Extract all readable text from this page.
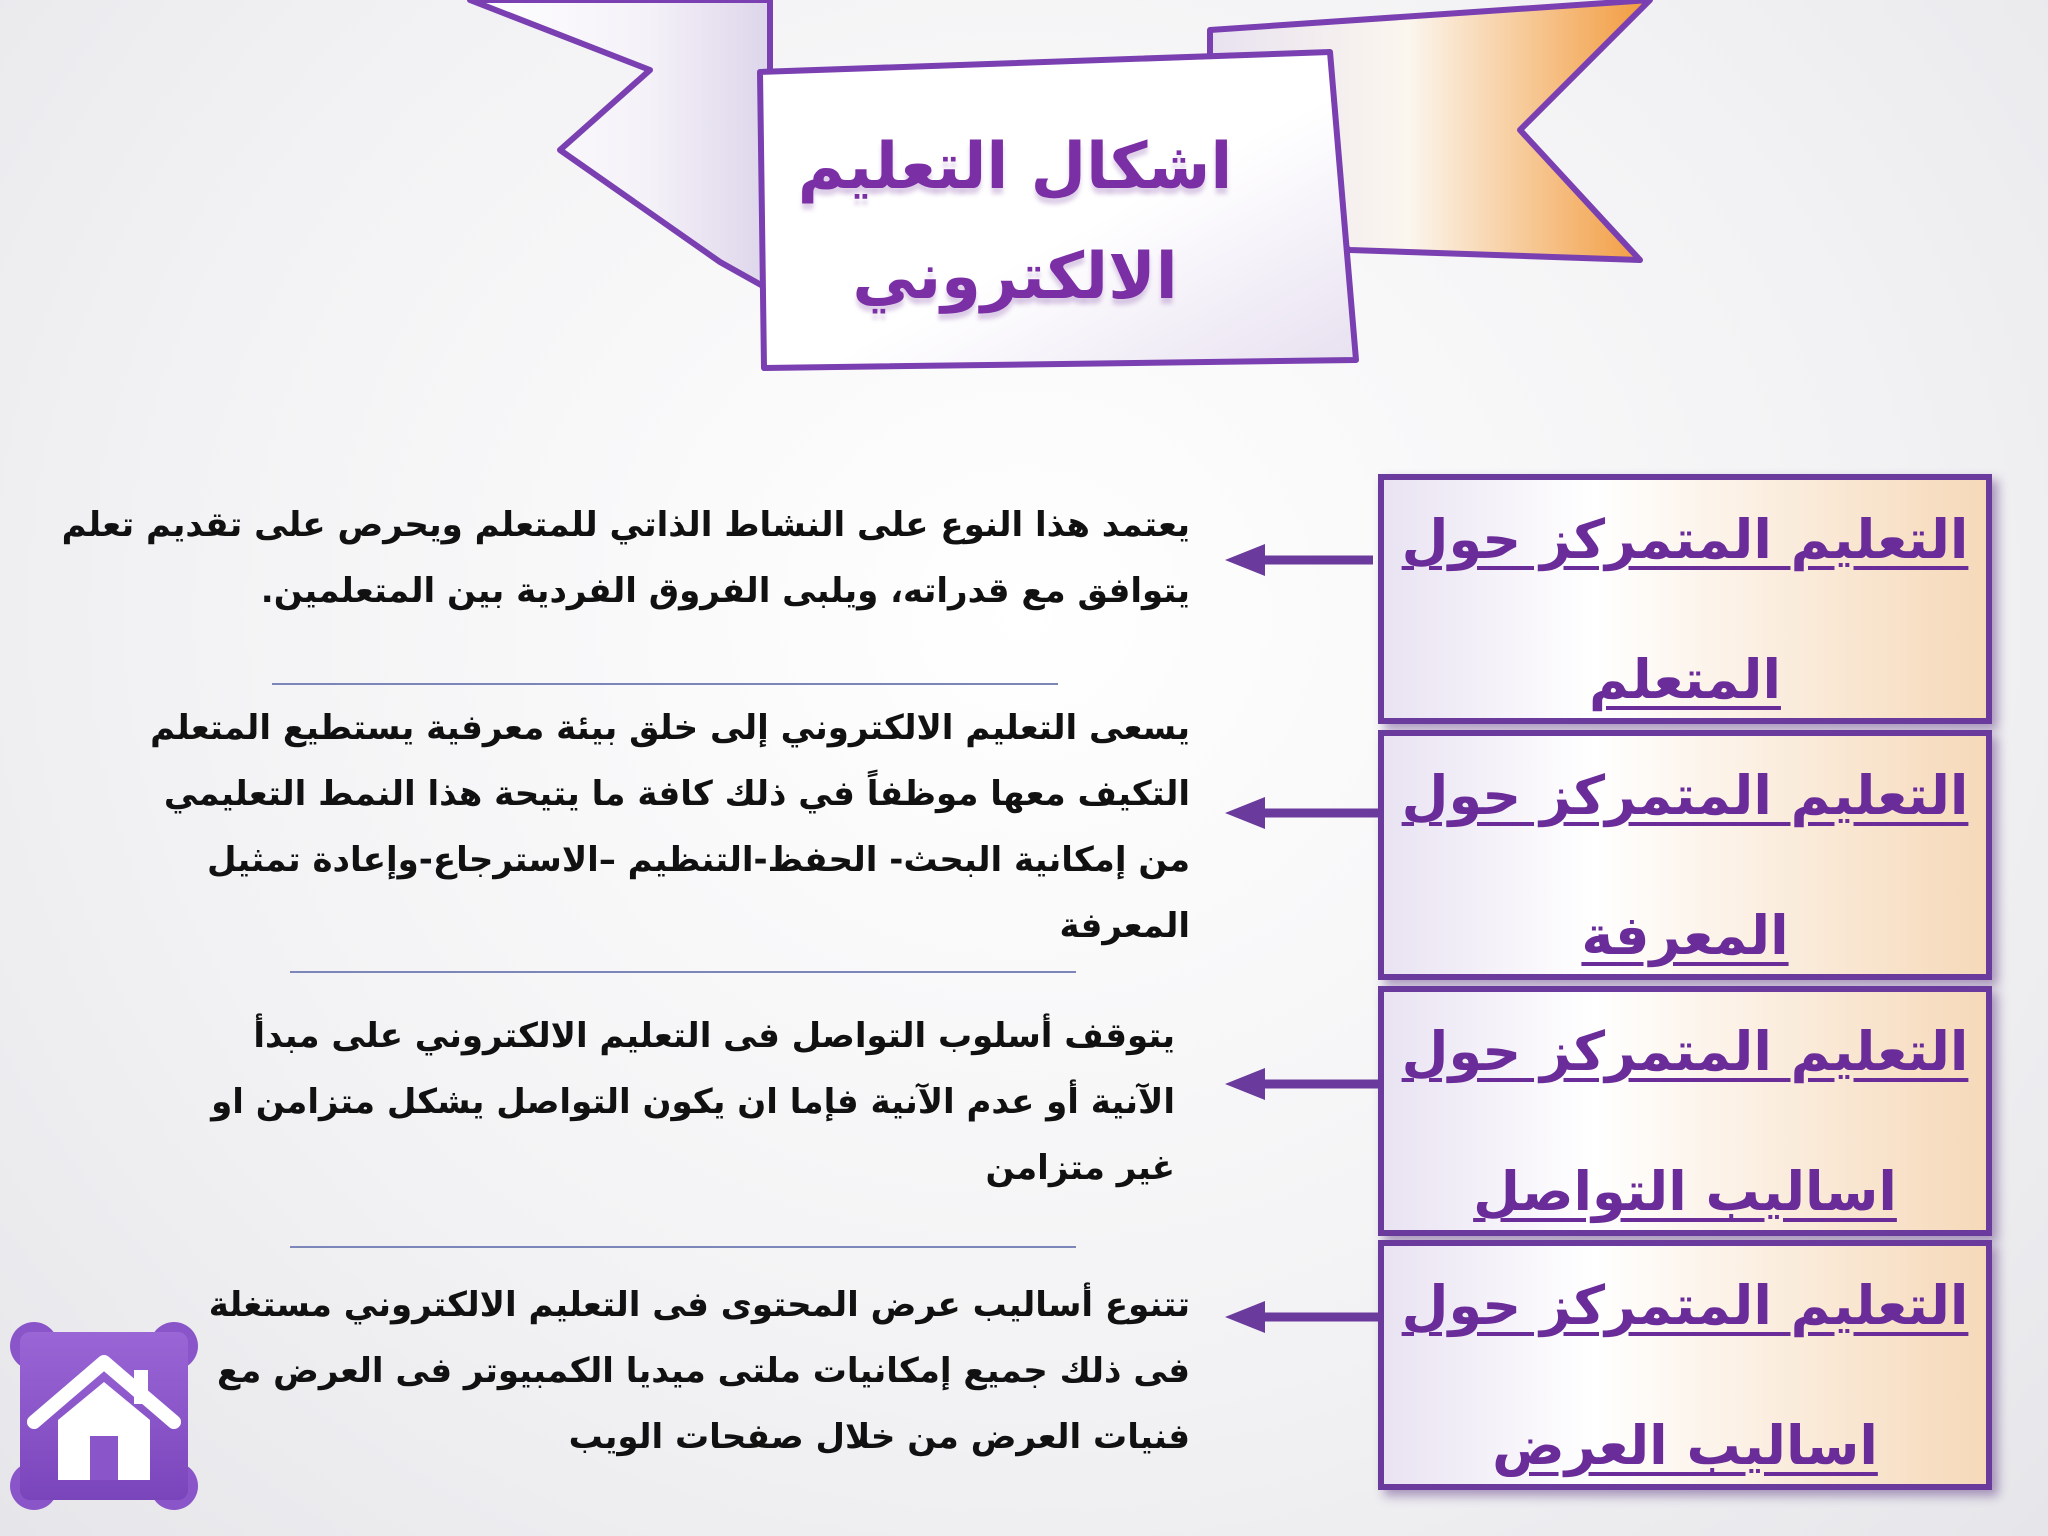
اشكال التعليم
الالكتروني
التعليم المتمركز حول
المتعلم
التعليم المتمركز حول
المعرفة
التعليم المتمركز حول
اساليب التواصل
التعليم المتمركز حول
اساليب العرض
يعتمد هذا النوع على النشاط الذاتي للمتعلم ويحرص على تقديم تعلم يتوافق مع قدراته، ويلبى الفروق الفردية بين المتعلمين.
يسعى التعليم الالكتروني إلى خلق بيئة معرفية يستطيع المتعلم التكيف معها موظفاً في ذلك كافة ما يتيحة هذا النمط التعليمي من إمكانية البحث- الحفظ-التنظيم –الاسترجاع-وإعادة تمثيل المعرفة
يتوقف أسلوب التواصل فى التعليم الالكتروني على مبدأ الآنية أو عدم الآنية فإما ان يكون التواصل يشكل متزامن او غير متزامن
تتنوع أساليب عرض المحتوى فى التعليم الالكتروني مستغلة فى ذلك جميع إمكانيات ملتى ميديا الكمبيوتر فى العرض مع فنيات العرض من خلال صفحات الويب
